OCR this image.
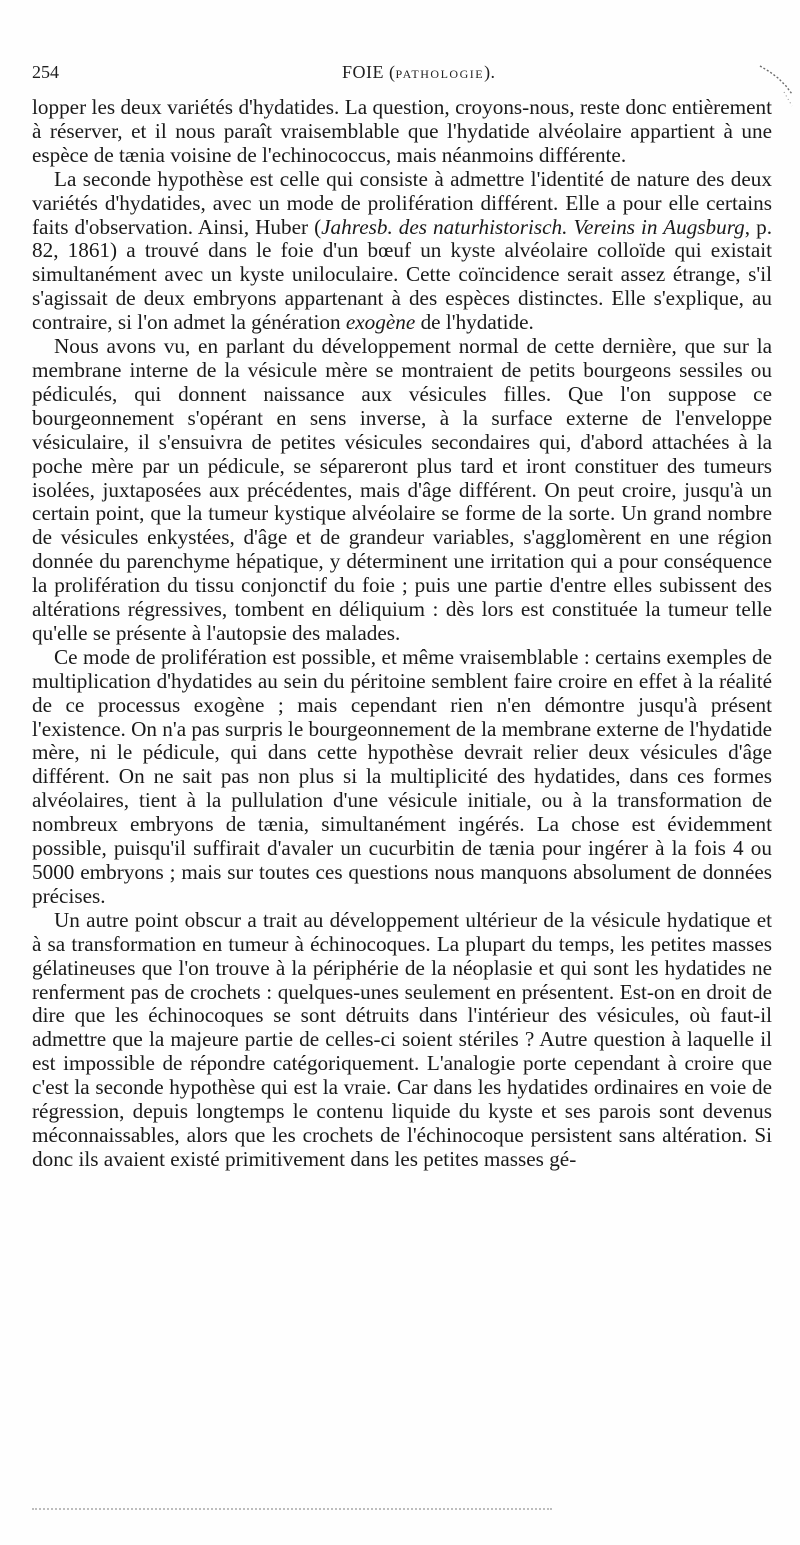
254	FOIE (PATHOLOGIE).

lopper les deux variétés d'hydatides. La question, croyons-nous, reste donc entièrement à réserver, et il nous paraît vraisemblable que l'hydatide alvéolaire appartient à une espèce de tænia voisine de l'echinococcus, mais néanmoins différente.

La seconde hypothèse est celle qui consiste à admettre l'identité de nature des deux variétés d'hydatides, avec un mode de prolifération différent. Elle a pour elle certains faits d'observation. Ainsi, Huber (Jahresb. des naturhistorisch. Vereins in Augsburg, p. 82, 1861) a trouvé dans le foie d'un bœuf un kyste alvéolaire colloïde qui existait simultanément avec un kyste uniloculaire. Cette coïncidence serait assez étrange, s'il s'agissait de deux embryons appartenant à des espèces distinctes. Elle s'explique, au contraire, si l'on admet la génération exogène de l'hydatide.

Nous avons vu, en parlant du développement normal de cette dernière, que sur la membrane interne de la vésicule mère se montraient de petits bourgeons sessiles ou pédiculés, qui donnent naissance aux vésicules filles. Que l'on suppose ce bourgeonnement s'opérant en sens inverse, à la surface externe de l'enveloppe vésiculaire, il s'ensuivra de petites vésicules secondaires qui, d'abord attachées à la poche mère par un pédicule, se sépareront plus tard et iront constituer des tumeurs isolées, juxtaposées aux précédentes, mais d'âge différent. On peut croire, jusqu'à un certain point, que la tumeur kystique alvéolaire se forme de la sorte. Un grand nombre de vésicules enkystées, d'âge et de grandeur variables, s'agglomèrent en une région donnée du parenchyme hépatique, y déterminent une irritation qui a pour conséquence la prolifération du tissu conjonctif du foie ; puis une partie d'entre elles subissent des altérations régressives, tombent en déliquium : dès lors est constituée la tumeur telle qu'elle se présente à l'autopsie des malades.

Ce mode de prolifération est possible, et même vraisemblable : certains exemples de multiplication d'hydatides au sein du péritoine semblent faire croire en effet à la réalité de ce processus exogène ; mais cependant rien n'en démontre jusqu'à présent l'existence. On n'a pas surpris le bourgeonnement de la membrane externe de l'hydatide mère, ni le pédicule, qui dans cette hypothèse devrait relier deux vésicules d'âge différent. On ne sait pas non plus si la multiplicité des hydatides, dans ces formes alvéolaires, tient à la pullulation d'une vésicule initiale, ou à la transformation de nombreux embryons de tænia, simultanément ingérés. La chose est évidemment possible, puisqu'il suffirait d'avaler un cucurbitin de tænia pour ingérer à la fois 4 ou 5000 embryons ; mais sur toutes ces questions nous manquons absolument de données précises.

Un autre point obscur a trait au développement ultérieur de la vésicule hydatique et à sa transformation en tumeur à échinocoques. La plupart du temps, les petites masses gélatineuses que l'on trouve à la périphérie de la néoplasie et qui sont les hydatides ne renferment pas de crochets : quelques-unes seulement en présentent. Est-on en droit de dire que les échinocoques se sont détruits dans l'intérieur des vésicules, où faut-il admettre que la majeure partie de celles-ci soient stériles ? Autre question à laquelle il est impossible de répondre catégoriquement. L'analogie porte cependant à croire que c'est la seconde hypothèse qui est la vraie. Car dans les hydatides ordinaires en voie de régression, depuis longtemps le contenu liquide du kyste et ses parois sont devenus méconnaissables, alors que les crochets de l'échinocoque persistent sans altération. Si donc ils avaient existé primitivement dans les petites masses gé-
